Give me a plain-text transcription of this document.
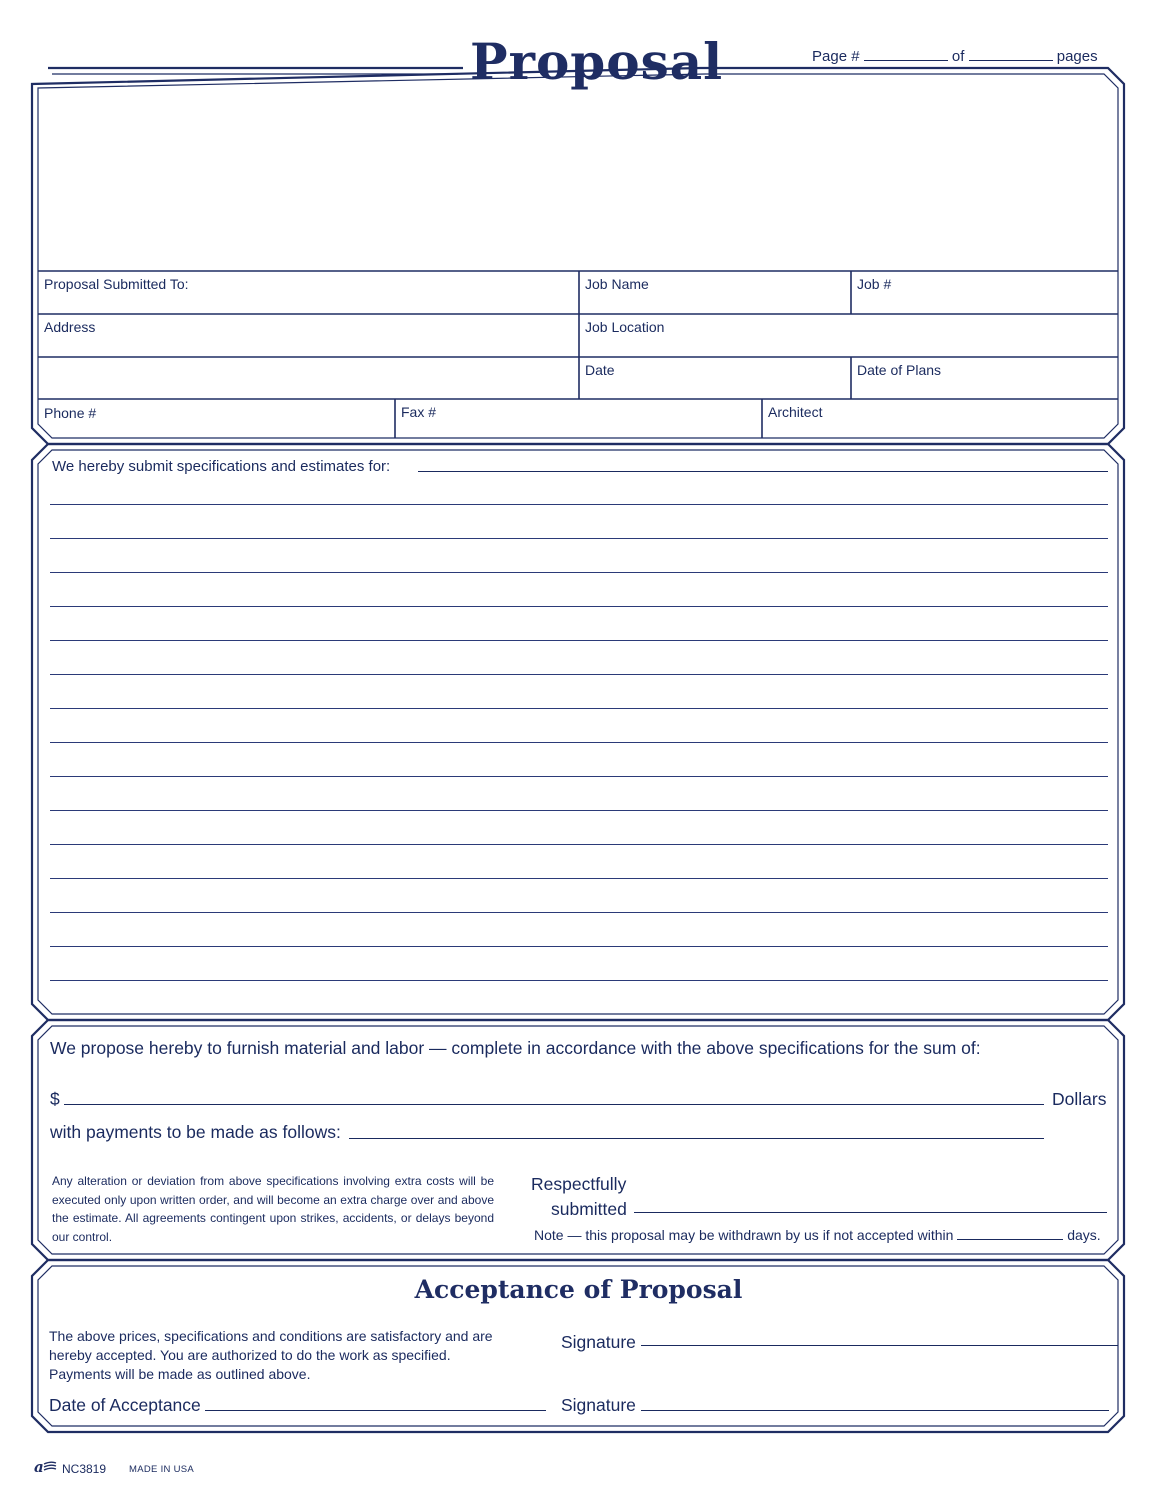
Proposal	Page #	of	pages
Proposal Submitted To:	Job Name	Job #
Address	Job Location
Date	Date of Plans
Phone #	Fax #	Architect
We hereby submit specifications and estimates for:
We propose hereby to furnish material and labor — complete in accordance with the above specifications for the sum of:
$	Dollars
with payments to be made as follows:
Any alteration or deviation from above specifications involving extra costs will be executed only upon written order, and will become an extra charge over and above the estimate. All agreements contingent upon strikes, accidents, or delays beyond our control.
Respectfully
submitted
Note — this proposal may be withdrawn by us if not accepted within	days.
Acceptance of Proposal
The above prices, specifications and conditions are satisfactory and are hereby accepted. You are authorized to do the work as specified. Payments will be made as outlined above.
Signature
Date of Acceptance	Signature
a NC3819 MADE IN USA
